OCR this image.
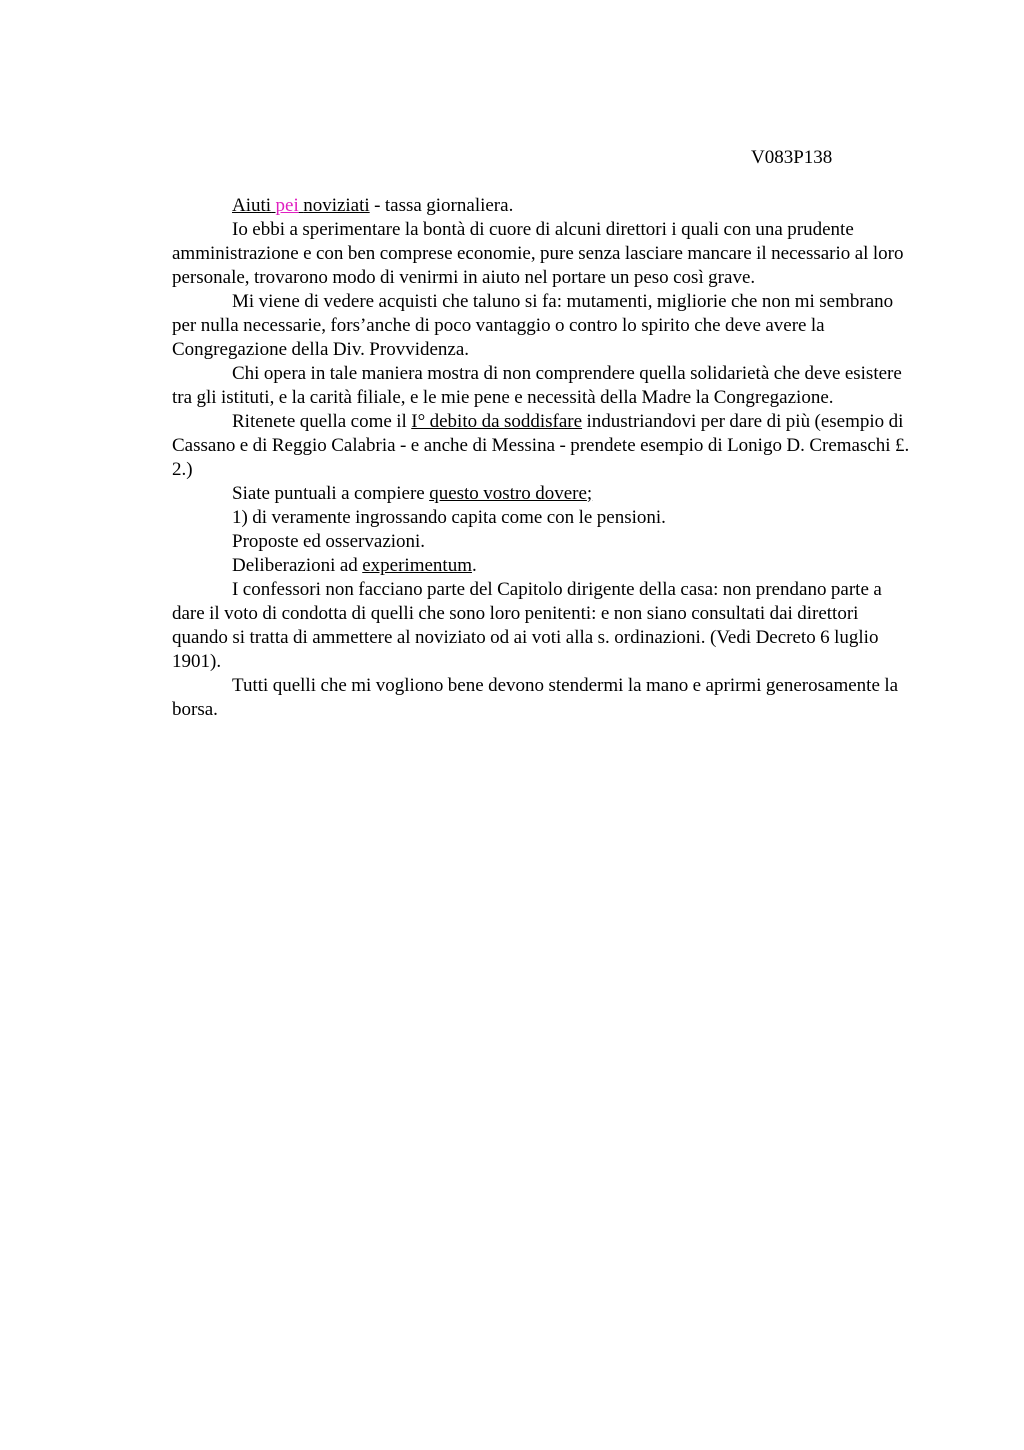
V083P138

Aiuti pei noviziati - tassa giornaliera.

Io ebbi a sperimentare la bontà di cuore di alcuni direttori i quali con una prudente amministrazione e con ben comprese economie, pure senza lasciare mancare il necessario al loro personale, trovarono modo di venirmi in aiuto nel portare un peso così grave.

Mi viene di vedere acquisti che taluno si fa: mutamenti, migliorie che non mi sembrano per nulla necessarie, fors’anche di poco vantaggio o contro lo spirito che deve avere la Congregazione della Div. Provvidenza.

Chi opera in tale maniera mostra di non comprendere quella solidarietà che deve esistere tra gli istituti, e la carità filiale, e le mie pene e necessità della Madre la Congregazione.

Ritenete quella come il I° debito da soddisfare industriandovi per dare di più (esempio di Cassano e di Reggio Calabria - e anche di Messina - prendete esempio di Lonigo D. Cremaschi £. 2.)

Siate puntuali a compiere questo vostro dovere;

1) di veramente ingrossando capita come con le pensioni.

Proposte ed osservazioni.

Deliberazioni ad experimentum.

I confessori non facciano parte del Capitolo dirigente della casa: non prendano parte a dare il voto di condotta di quelli che sono loro penitenti: e non siano consultati dai direttori quando si tratta di ammettere al noviziato od ai voti alla s. ordinazioni. (Vedi Decreto 6 luglio 1901).

Tutti quelli che mi vogliono bene devono stendermi la mano e aprirmi generosamente la borsa.
